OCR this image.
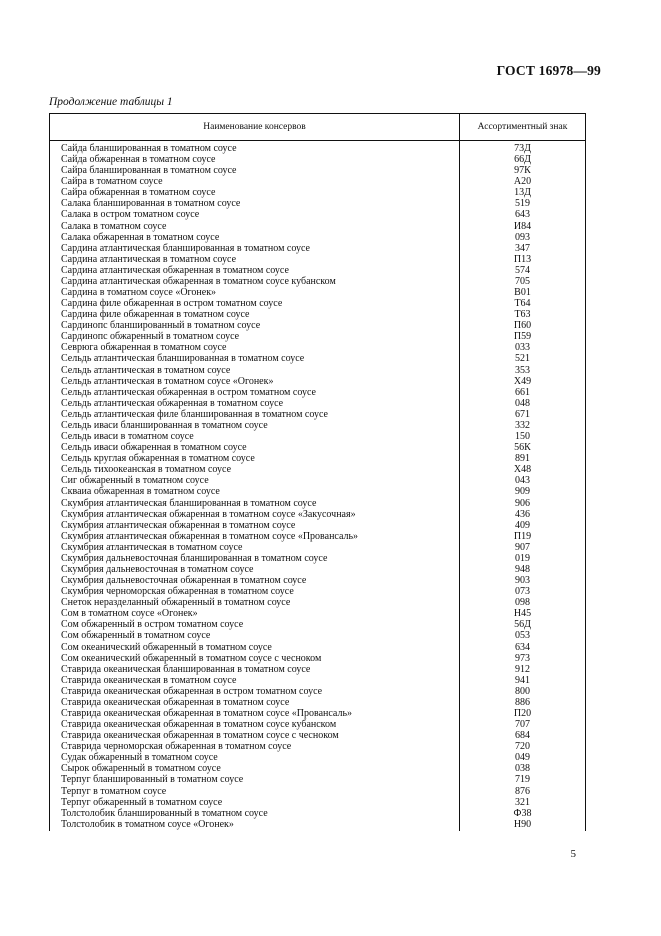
ГОСТ 16978—99
Продолжение таблицы 1
Наименование консервов	Ассортиментный знак
Сайда бланшированная в томатном соусе	73Д
Сайда обжаренная в томатном соусе	66Д
Сайра бланшированная в томатном соусе	97К
Сайра в томатном соусе	А20
Сайра обжаренная в томатном соусе	13Д
Салака бланшированная в томатном соусе	519
Салака в остром томатном соусе	643
Салака в томатном соусе	И84
Салака обжаренная в томатном соусе	093
Сардина атлантическая бланшированная в томатном соусе	347
Сардина атлантическая в томатном соусе	П13
Сардина атлантическая обжаренная в томатном соусе	574
Сардина атлантическая обжаренная в томатном соусе кубанском	705
Сардина в томатном соусе «Огонек»	В01
Сардина филе обжаренная в остром томатном соусе	Т64
Сардина филе обжаренная в томатном соусе	Т63
Сардинопс бланшированный в томатном соусе	П60
Сардинопс обжаренный в томатном соусе	П59
Севрюга обжаренная в томатном соусе	033
Сельдь атлантическая бланшированная в томатном соусе	521
Сельдь атлантическая в томатном соусе	353
Сельдь атлантическая в томатном соусе «Огонек»	Х49
Сельдь атлантическая обжаренная в остром томатном соусе	661
Сельдь атлантическая обжаренная в томатном соусе	048
Сельдь атлантическая филе бланшированная в томатном соусе	671
Сельдь иваси бланшированная в томатном соусе	332
Сельдь иваси в томатном соусе	150
Сельдь иваси обжаренная в томатном соусе	56К
Сельдь круглая обжаренная в томатном соусе	891
Сельдь тихоокеанская в томатном соусе	Х48
Сиг обжаренный в томатном соусе	043
Скваиа обжаренная в томатном соусе	909
Скумбрия атлантическая бланшированная в томатном соусе	906
Скумбрия атлантическая обжаренная в томатном соусе «Закусочная»	436
Скумбрия атлантическая обжаренная в томатном соусе	409
Скумбрия атлантическая обжаренная в томатном соусе «Провансаль»	П19
Скумбрия атлантическая в томатном соусе	907
Скумбрия дальневосточная бланшированная в томатном соусе	019
Скумбрия дальневосточная в томатном соусе	948
Скумбрия дальневосточная обжаренная в томатном соусе	903
Скумбрия черноморская обжаренная в томатном соусе	073
Снеток неразделанный обжаренный в томатном соусе	098
Сом в томатном соусе «Огонек»	Н45
Сом обжаренный в остром томатном соусе	56Д
Сом обжаренный в томатном соусе	053
Сом океанический обжаренный в томатном соусе	634
Сом океанический обжаренный в томатном соусе с чесноком	973
Ставрида океаническая бланшированная в томатном соусе	912
Ставрида океаническая в томатном соусе	941
Ставрида океаническая обжаренная в остром томатном соусе	800
Ставрида океаническая обжаренная в томатном соусе	886
Ставрида океаническая обжаренная в томатном соусе «Провансаль»	П20
Ставрида океаническая обжаренная в томатном соусе кубанском	707
Ставрида океаническая обжаренная в томатном соусе с чесноком	684
Ставрида черноморская обжаренная в томатном соусе	720
Судак обжаренный в томатном соусе	049
Сырок обжаренный в томатном соусе	038
Терпуг бланшированный в томатном соусе	719
Терпуг в томатном соусе	876
Терпуг обжаренный в томатном соусе	321
Толстолобик бланшированный в томатном соусе	Ф38
Толстолобик в томатном соусе «Огонек»	Н90
5
